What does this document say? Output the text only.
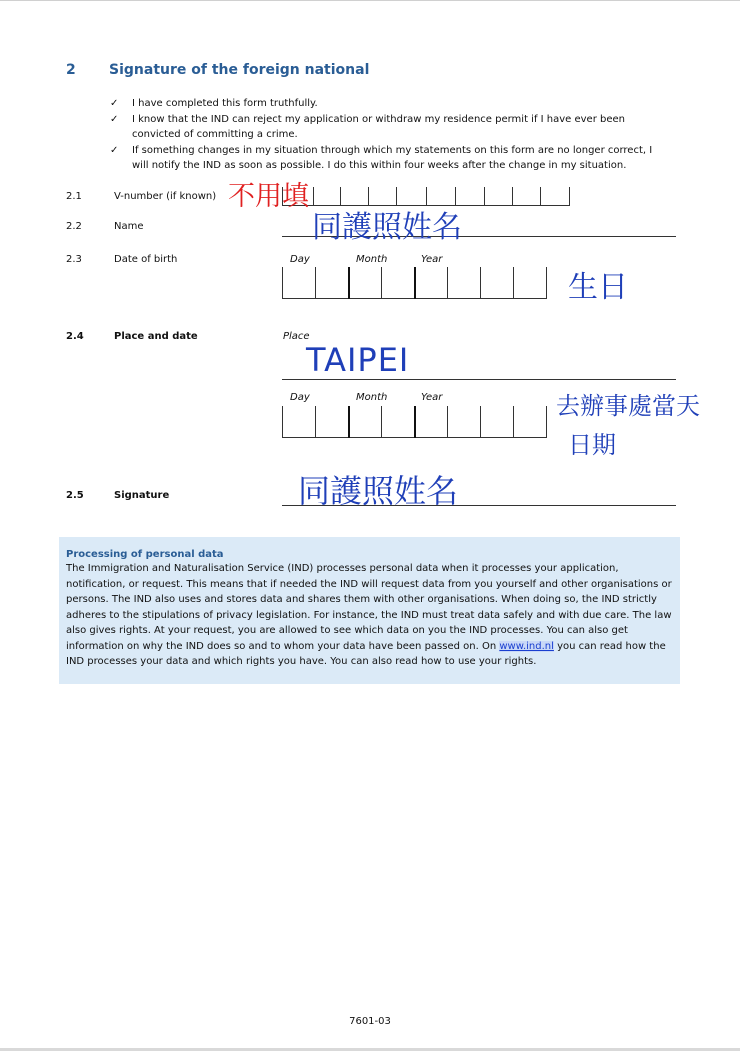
2 Signature of the foreign national
✓ I have completed this form truthfully.
✓ I know that the IND can reject my application or withdraw my residence permit if I have ever been convicted of committing a crime.
✓ If something changes in my situation through which my statements on this form are no longer correct, I will notify the IND as soon as possible. I do this within four weeks after the change in my situation.
2.1	V-number (if known) 不用填
2.2	Name	同護照姓名
2.3	Date of birth	Day	Month	Year
生日
2.4	Place and date	Place
TAIPEI
Day	Month	Year	去辦事處當天
日期
2.5	Signature	同護照姓名
Processing of personal data
The Immigration and Naturalisation Service (IND) processes personal data when it processes your application, notification, or request. This means that if needed the IND will request data from you yourself and other organisations or persons. The IND also uses and stores data and shares them with other organisations. When doing so, the IND strictly adheres to the stipulations of privacy legislation. For instance, the IND must treat data safely and with due care. The law also gives rights. At your request, you are allowed to see which data on you the IND processes. You can also get information on why the IND does so and to whom your data have been passed on. On www.ind.nl you can read how the IND processes your data and which rights you have. You can also read how to use your rights.
7601-03
